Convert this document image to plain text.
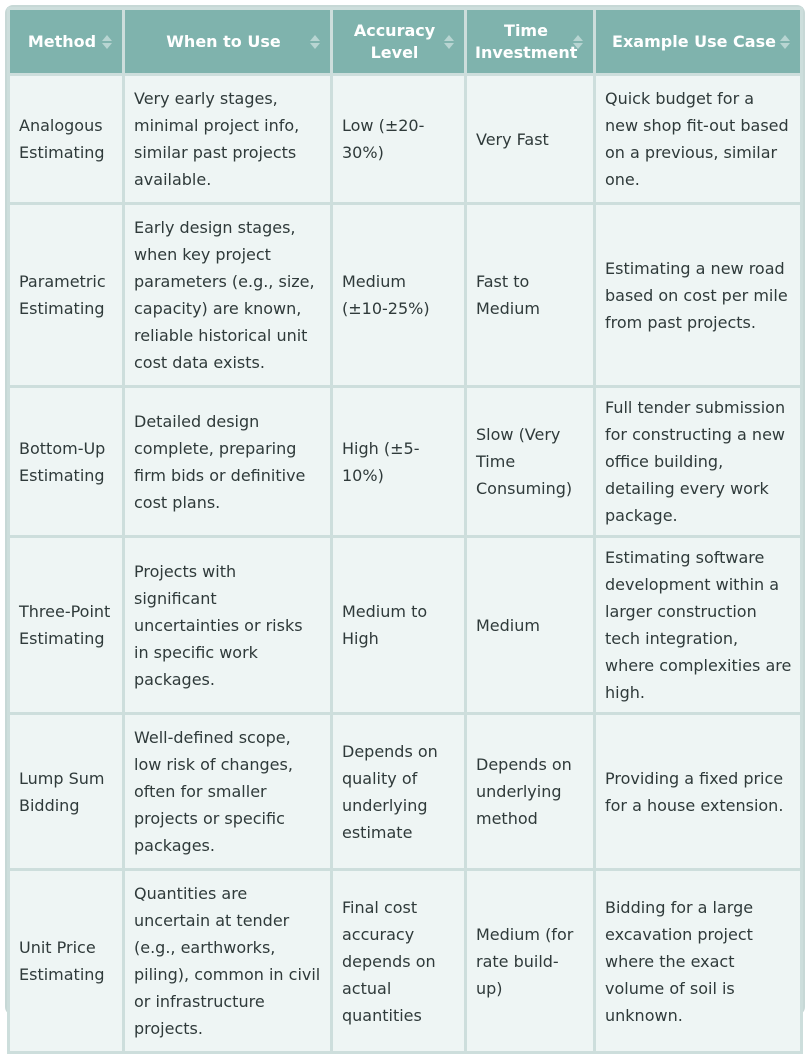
Method	When to Use	Accuracy Level	Time Investment	Example Use Case

Analogous Estimating	Very early stages, minimal project info, similar past projects available.	Low (±20-30%)	Very Fast	Quick budget for a new shop fit-out based on a previous, similar one.
Parametric Estimating	Early design stages, when key project parameters (e.g., size, capacity) are known, reliable historical unit cost data exists.	Medium (±10-25%)	Fast to Medium	Estimating a new road based on cost per mile from past projects.
Bottom-Up Estimating	Detailed design complete, preparing firm bids or definitive cost plans.	High (±5-10%)	Slow (Very Time Consuming)	Full tender submission for constructing a new office building, detailing every work package.
Three-Point Estimating	Projects with significant uncertainties or risks in specific work packages.	Medium to High	Medium	Estimating software development within a larger construction tech integration, where complexities are high.
Lump Sum Bidding	Well-defined scope, low risk of changes, often for smaller projects or specific packages.	Depends on quality of underlying estimate	Depends on underlying method	Providing a fixed price for a house extension.
Unit Price Estimating	Quantities are uncertain at tender (e.g., earthworks, piling), common in civil or infrastructure projects.	Final cost accuracy depends on actual quantities	Medium (for rate build-up)	Bidding for a large excavation project where the exact volume of soil is unknown.
